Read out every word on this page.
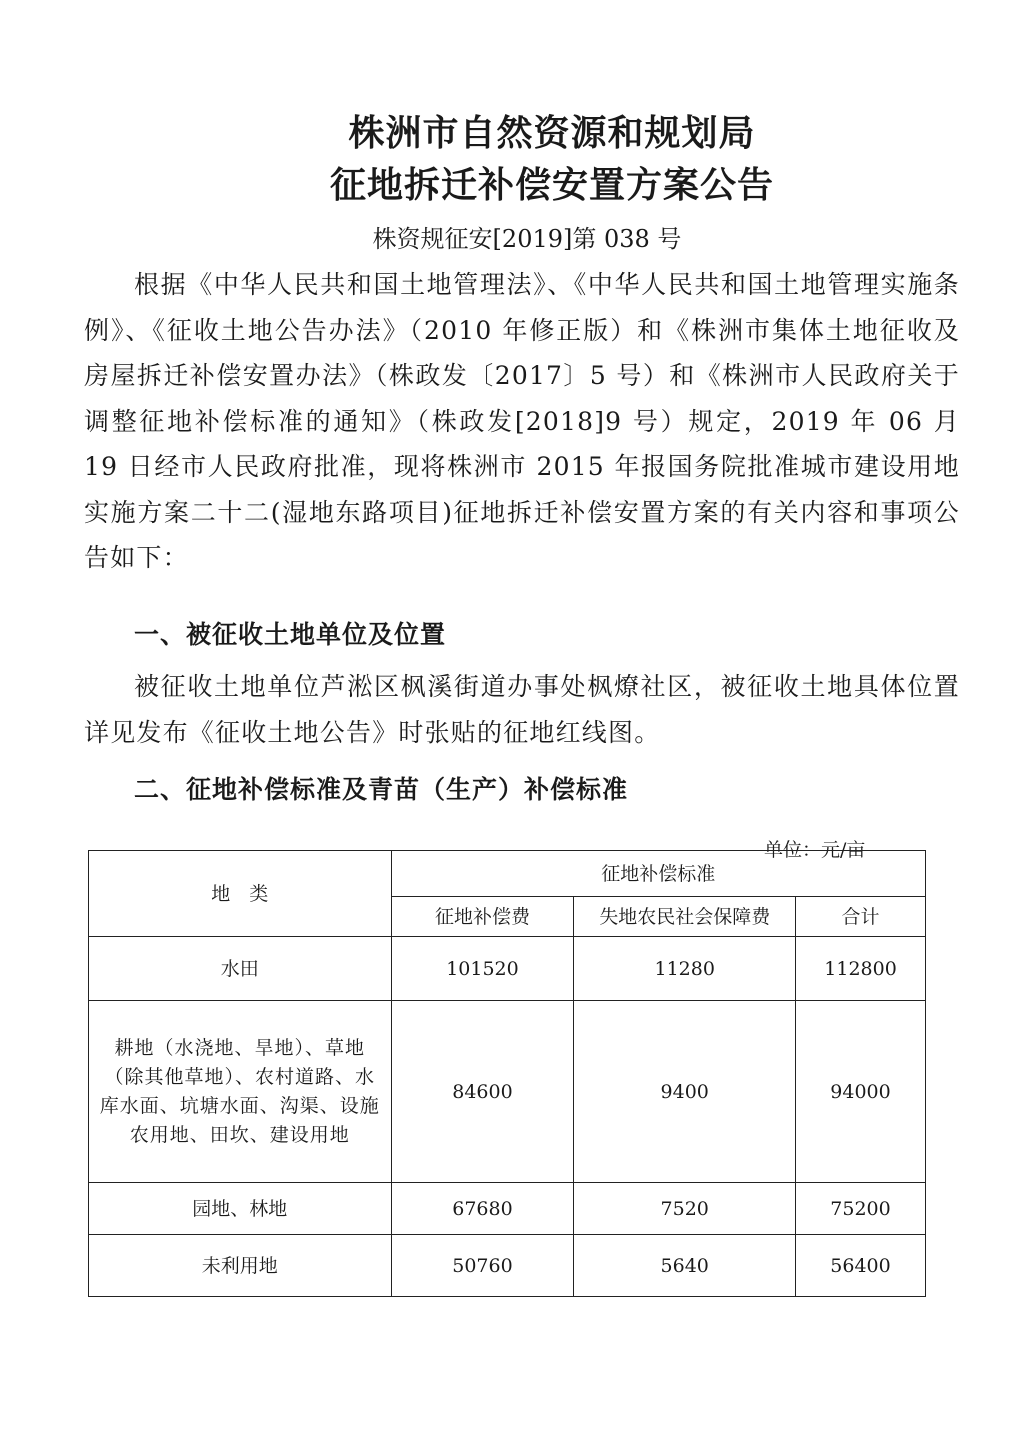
株洲市自然资源和规划局
征地拆迁补偿安置方案公告
株资规征安[2019]第 038 号
根据《中华人民共和国土地管理法》、《中华人民共和国土地管理实施条例》、《征收土地公告办法》（2010 年修正版）和《株洲市集体土地征收及房屋拆迁补偿安置办法》（株政发〔2017〕5 号）和《株洲市人民政府关于调整征地补偿标准的通知》（株政发[2018]9 号）规定，2019 年 06 月 19 日经市人民政府批准，现将株洲市 2015 年报国务院批准城市建设用地实施方案二十二(湿地东路项目)征地拆迁补偿安置方案的有关内容和事项公告如下：
一、被征收土地单位及位置
被征收土地单位芦淞区枫溪街道办事处枫燎社区，被征收土地具体位置详见发布《征收土地公告》时张贴的征地红线图。
二、征地补偿标准及青苗（生产）补偿标准
单位：元/亩
地　类	征地补偿标准		
	征地补偿费	失地农民社会保障费	合计
水田	101520	11280	112800
耕地（水浇地、旱地）、草地（除其他草地）、农村道路、水库水面、坑塘水面、沟渠、设施农用地、田坎、建设用地	84600	9400	94000
园地、林地	67680	7520	75200
未利用地	50760	5640	56400
